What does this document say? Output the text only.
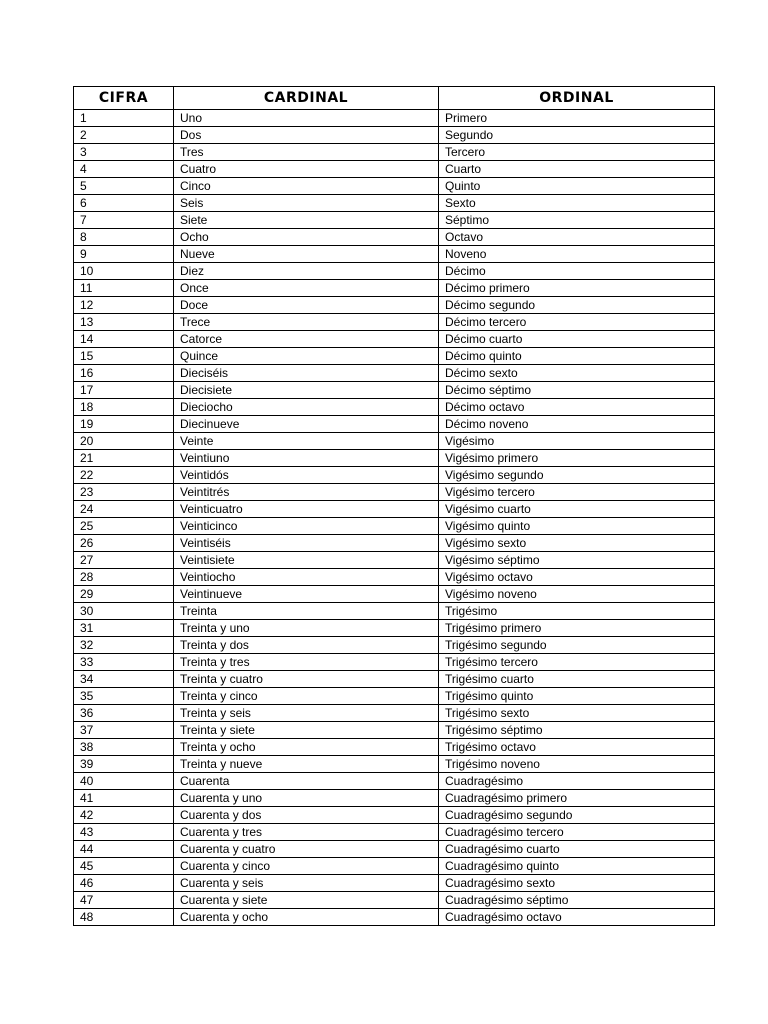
CIFRA	CARDINAL	ORDINAL
1	Uno	Primero
2	Dos	Segundo
3	Tres	Tercero
4	Cuatro	Cuarto
5	Cinco	Quinto
6	Seis	Sexto
7	Siete	Séptimo
8	Ocho	Octavo
9	Nueve	Noveno
10	Diez	Décimo
11	Once	Décimo primero
12	Doce	Décimo segundo
13	Trece	Décimo tercero
14	Catorce	Décimo cuarto
15	Quince	Décimo quinto
16	Dieciséis	Décimo sexto
17	Diecisiete	Décimo séptimo
18	Dieciocho	Décimo octavo
19	Diecinueve	Décimo noveno
20	Veinte	Vigésimo
21	Veintiuno	Vigésimo primero
22	Veintidós	Vigésimo segundo
23	Veintitrés	Vigésimo tercero
24	Veinticuatro	Vigésimo cuarto
25	Veinticinco	Vigésimo quinto
26	Veintiséis	Vigésimo sexto
27	Veintisiete	Vigésimo séptimo
28	Veintiocho	Vigésimo octavo
29	Veintinueve	Vigésimo noveno
30	Treinta	Trigésimo
31	Treinta y uno	Trigésimo primero
32	Treinta y dos	Trigésimo segundo
33	Treinta y tres	Trigésimo tercero
34	Treinta y cuatro	Trigésimo cuarto
35	Treinta y cinco	Trigésimo quinto
36	Treinta y seis	Trigésimo sexto
37	Treinta y siete	Trigésimo séptimo
38	Treinta y ocho	Trigésimo octavo
39	Treinta y nueve	Trigésimo noveno
40	Cuarenta	Cuadragésimo
41	Cuarenta y uno	Cuadragésimo primero
42	Cuarenta y dos	Cuadragésimo segundo
43	Cuarenta y tres	Cuadragésimo tercero
44	Cuarenta y cuatro	Cuadragésimo cuarto
45	Cuarenta y cinco	Cuadragésimo quinto
46	Cuarenta y seis	Cuadragésimo sexto
47	Cuarenta y siete	Cuadragésimo séptimo
48	Cuarenta y ocho	Cuadragésimo octavo
